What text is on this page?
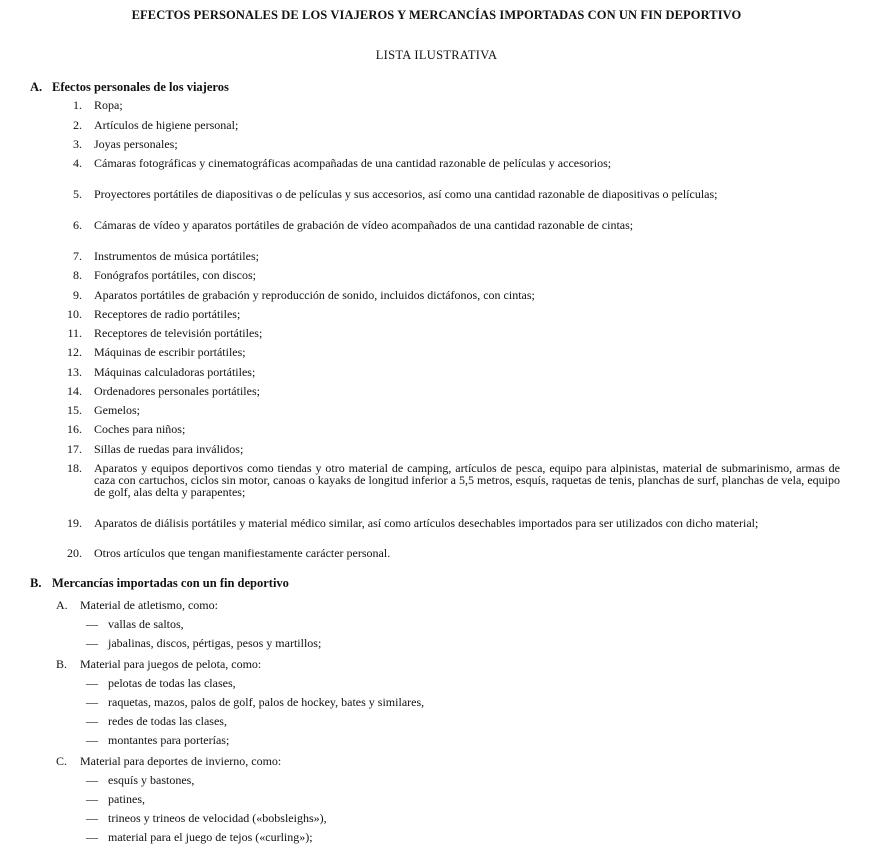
EFECTOS PERSONALES DE LOS VIAJEROS Y MERCANCÍAS IMPORTADAS CON UN FIN DEPORTIVO
LISTA ILUSTRATIVA
A. Efectos personales de los viajeros
1. Ropa;
2. Artículos de higiene personal;
3. Joyas personales;
4. Cámaras fotográficas y cinematográficas acompañadas de una cantidad razonable de películas y accesorios;
5. Proyectores portátiles de diapositivas o de películas y sus accesorios, así como una cantidad razonable de diapositivas o películas;
6. Cámaras de vídeo y aparatos portátiles de grabación de vídeo acompañados de una cantidad razonable de cintas;
7. Instrumentos de música portátiles;
8. Fonógrafos portátiles, con discos;
9. Aparatos portátiles de grabación y reproducción de sonido, incluidos dictáfonos, con cintas;
10. Receptores de radio portátiles;
11. Receptores de televisión portátiles;
12. Máquinas de escribir portátiles;
13. Máquinas calculadoras portátiles;
14. Ordenadores personales portátiles;
15. Gemelos;
16. Coches para niños;
17. Sillas de ruedas para inválidos;
18. Aparatos y equipos deportivos como tiendas y otro material de camping, artículos de pesca, equipo para alpinistas, material de submarinismo, armas de caza con cartuchos, ciclos sin motor, canoas o kayaks de longitud inferior a 5,5 metros, esquís, raquetas de tenis, planchas de surf, planchas de vela, equipo de golf, alas delta y parapentes;
19. Aparatos de diálisis portátiles y material médico similar, así como artículos desechables importados para ser utilizados con dicho material;
20. Otros artículos que tengan manifiestamente carácter personal.
B. Mercancías importadas con un fin deportivo
A. Material de atletismo, como:
— vallas de saltos,
— jabalinas, discos, pértigas, pesos y martillos;
B. Material para juegos de pelota, como:
— pelotas de todas las clases,
— raquetas, mazos, palos de golf, palos de hockey, bates y similares,
— redes de todas las clases,
— montantes para porterías;
C. Material para deportes de invierno, como:
— esquís y bastones,
— patines,
— trineos y trineos de velocidad («bobsleighs»),
— material para el juego de tejos («curling»);
